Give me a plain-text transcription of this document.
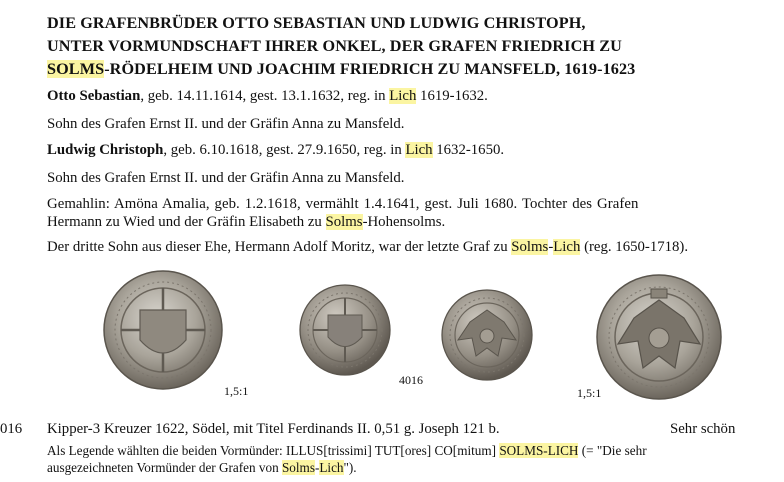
DIE GRAFENBRÜDER OTTO SEBASTIAN UND LUDWIG CHRISTOPH,
UNTER VORMUNDSCHAFT IHRER ONKEL, DER GRAFEN FRIEDRICH ZU
SOLMS-RÖDELHEIM UND JOACHIM FRIEDRICH ZU MANSFELD, 1619-1623
Otto Sebastian, geb. 14.11.1614, gest. 13.1.1632, reg. in Lich 1619-1632.
Sohn des Grafen Ernst II. und der Gräfin Anna zu Mansfeld.
Ludwig Christoph, geb. 6.10.1618, gest. 27.9.1650, reg. in Lich 1632-1650.
Sohn des Grafen Ernst II. und der Gräfin Anna zu Mansfeld.
Gemahlin: Amöna Amalia, geb. 1.2.1618, vermählt 1.4.1641, gest. Juli 1680. Tochter des Grafen
Hermann zu Wied und der Gräfin Elisabeth zu Solms-Hohensolms.
Der dritte Sohn aus dieser Ehe, Hermann Adolf Moritz, war der letzte Graf zu Solms-Lich (reg. 1650-1718).
1,5:1
4016
1,5:1
016 Kipper-3 Kreuzer 1622, Södel, mit Titel Ferdinands II. 0,51 g. Joseph 121 b.	Sehr schön
Als Legende wählten die beiden Vormünder: ILLUS[trissimi] TUT[ores] CO[mitum] SOLMS-LICH (= "Die sehr
ausgezeichneten Vormünder der Grafen von Solms-Lich").
